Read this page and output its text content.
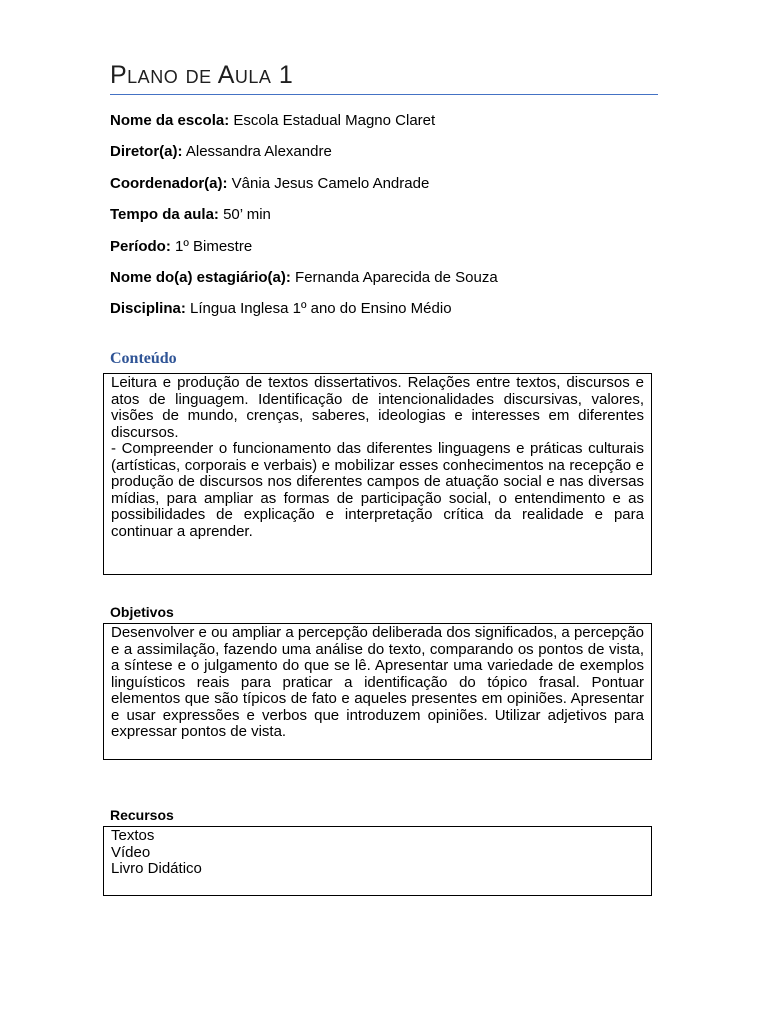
Plano de Aula 1
Nome da escola: Escola Estadual Magno Claret
Diretor(a): Alessandra Alexandre
Coordenador(a): Vânia Jesus Camelo Andrade
Tempo da aula: 50’ min
Período: 1º Bimestre
Nome do(a) estagiário(a): Fernanda Aparecida de Souza
Disciplina: Língua Inglesa 1º ano do Ensino Médio
Conteúdo

Leitura e produção de textos dissertativos. Relações entre textos, discursos e atos de linguagem. Identificação de intencionalidades discursivas, valores, visões de mundo, crenças, saberes, ideologias e interesses em diferentes discursos.

- Compreender o funcionamento das diferentes linguagens e práticas culturais (artísticas, corporais e verbais) e mobilizar esses conhecimentos na recepção e produção de discursos nos diferentes campos de atuação social e nas diversas mídias, para ampliar as formas de participação social, o entendimento e as possibilidades de explicação e interpretação crítica da realidade e para continuar a aprender.

Objetivos

Desenvolver e ou ampliar a percepção deliberada dos significados, a percepção e a assimilação, fazendo uma análise do texto, comparando os pontos de vista, a síntese e o julgamento do que se lê. Apresentar uma variedade de exemplos linguísticos reais para praticar a identificação do tópico frasal. Pontuar elementos que são típicos de fato e aqueles presentes em opiniões. Apresentar e usar expressões e verbos que introduzem opiniões. Utilizar adjetivos para expressar pontos de vista.

Recursos
Textos
Vídeo
Livro Didático
